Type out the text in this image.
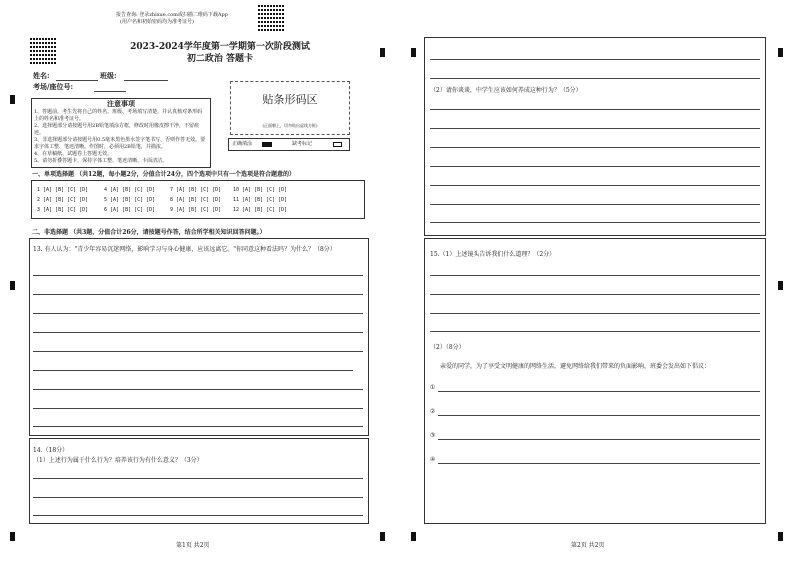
报告查询: 登录zhixue.com或扫描二维码下载App
(用户名和初始密码均为准考证号)
2023-2024学年度第一学期第一次阶段测试
初二政治 答题卡
姓名:	班级:
考场/座位号:
注意事项
1、答题前，考生先将自己的姓名、班级、考场填写清楚，并认真核对条形码上的姓名和准考证号。
2、选择题部分请按题号用2B铅笔填涂方框，修改时用橡皮擦干净，不留痕迹。
3、非选择题部分请按题号用0.5毫米黑色墨水签字笔书写，否则作答无效。要求字体工整、笔迹清晰。作图时，必须用2B铅笔，并描浓。
4、在草稿纸、试题卷上答题无效。
5、请勿折叠答题卡，保持字体工整、笔迹清晰、卡面清洁。
贴条形码区
(正面朝上，切勿贴出虚线方框)
正确填涂	缺考标记
一、单项选择题 （共12题，每小题2分，分值合计24分，四个选项中只有一个选项是符合题意的）
1 [A] [B] [C] [D]	4 [A] [B] [C] [D]	7 [A] [B] [C] [D] 10 [A] [B] [C] [D]
2 [A] [B] [C] [D]	5 [A] [B] [C] [D]	8 [A] [B] [C] [D] 11 [A] [B] [C] [D]
3 [A] [B] [C] [D]	6 [A] [B] [C] [D]	9 [A] [B] [C] [D] 12 [A] [B] [C] [D]
二、非选择题 （共3题，分值合计26分，请按题号作答，结合所学相关知识回答问题。）
13. 有人认为："青少年容易沉迷网络，影响学习与身心健康，应该远离它。"你同意这种看法吗？为什么？（8分）
14.（18分）
（1）上述行为属于什么行为？培养该行为有什么意义？（3分）
（2）请你谈谈，中学生应该如何养成这种行为？（5分）
15.（1）上述镜头告诉我们什么道理？（2分）
（2）（8分）
亲爱的同学，为了享受文明健康的网络生活，避免网络给我们带来的负面影响，班委会发出如下倡议：
①
②
③
④
第1页 共2页	第2页 共2页
